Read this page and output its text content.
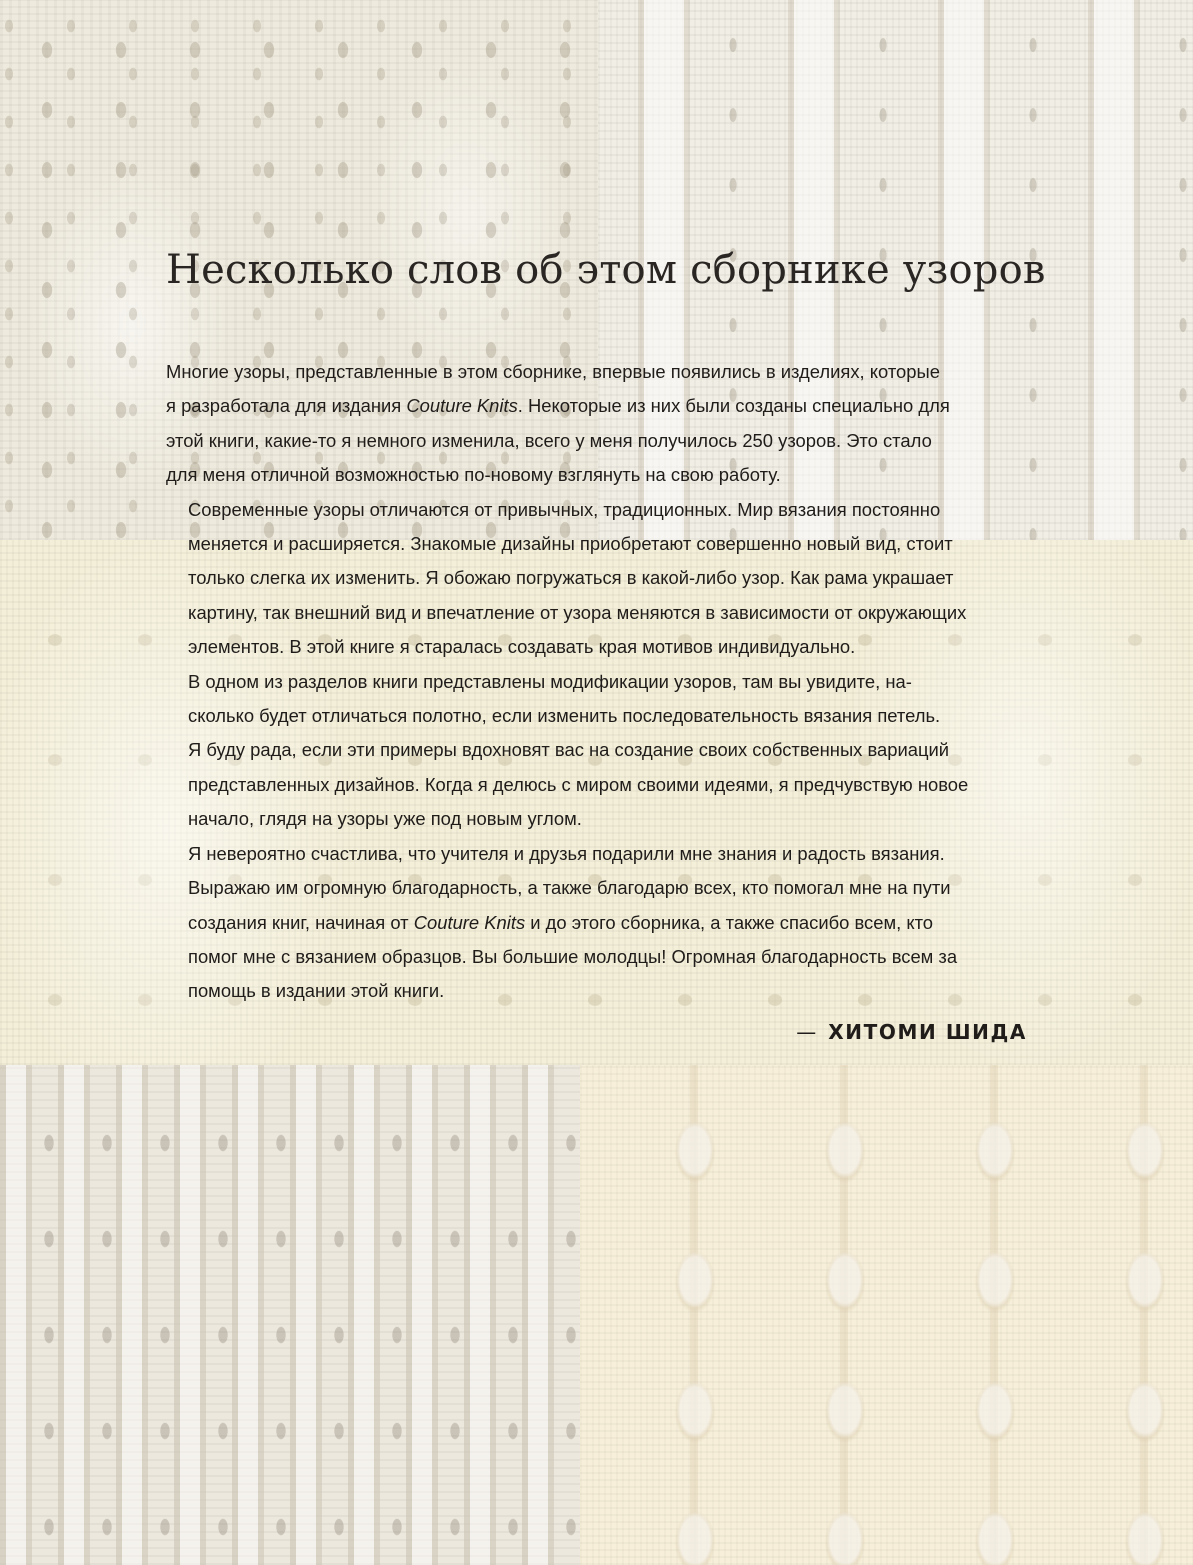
Несколько слов об этом сборнике узоров

Многие узоры, представленные в этом сборнике, впервые появились в изделиях, которые
я разработала для издания Couture Knits. Некоторые из них были созданы специально для
этой книги, какие-то я немного изменила, всего у меня получилось 250 узоров. Это стало
для меня отличной возможностью по-новому взглянуть на свою работу.

Современные узоры отличаются от привычных, традиционных. Мир вязания постоянно
меняется и расширяется. Знакомые дизайны приобретают совершенно новый вид, стоит
только слегка их изменить. Я обожаю погружаться в какой-либо узор. Как рама украшает
картину, так внешний вид и впечатление от узора меняются в зависимости от окружающих
элементов. В этой книге я старалась создавать края мотивов индивидуально.

В одном из разделов книги представлены модификации узоров, там вы увидите, на-
сколько будет отличаться полотно, если изменить последовательность вязания петель.
Я буду рада, если эти примеры вдохновят вас на создание своих собственных вариаций
представленных дизайнов. Когда я делюсь с миром своими идеями, я предчувствую новое
начало, глядя на узоры уже под новым углом.

Я невероятно счастлива, что учителя и друзья подарили мне знания и радость вязания.
Выражаю им огромную благодарность, а также благодарю всех, кто помогал мне на пути
создания книг, начиная от Couture Knits и до этого сборника, а также спасибо всем, кто
помог мне с вязанием образцов. Вы большие молодцы! Огромная благодарность всем за
помощь в издании этой книги.

— ХИТОМИ ШИДА
